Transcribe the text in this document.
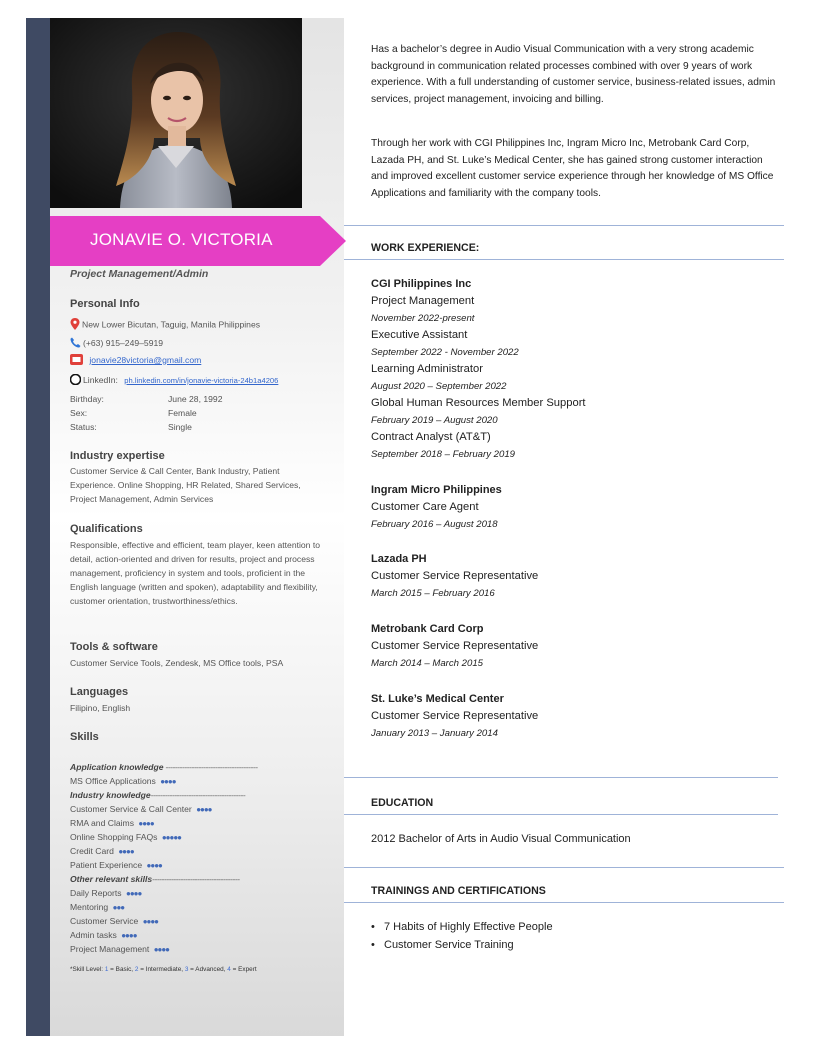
JONAVIE O. VICTORIA
Project Management/Admin
Personal Info
New Lower Bicutan, Taguig, Manila Philippines
(+63) 915–249–5919
jonavie28victoria@gmail.com
LinkedIn: ph.linkedin.com/in/jonavie-victoria-24b1a4206
Birthday:	June 28, 1992
Sex:	Female
Status:	Single
Industry expertise
Customer Service & Call Center, Bank Industry, Patient Experience. Online Shopping, HR Related, Shared Services, Project Management, Admin Services
Qualifications
Responsible, effective and efficient, team player, keen attention to detail, action-oriented and driven for results, project and process management, proficiency in system and tools, proficient in the English language (written and spoken), adaptability and flexibility, customer orientation, trustworthiness/ethics.
Tools & software
Customer Service Tools, Zendesk, MS Office tools, PSA
Languages
Filipino, English
Skills
Application knowledge ---------------------------------------
MS Office Applications ●●●●
Industry knowledge----------------------------------------
Customer Service & Call Center ●●●●
RMA and Claims ●●●●
Online Shopping FAQs ●●●●●
Credit Card ●●●●
Patient Experience ●●●●
Other relevant skills-------------------------------------
Daily Reports ●●●●
Mentoring ●●●
Customer Service ●●●●
Admin tasks ●●●●
Project Management ●●●●
*Skill Level: 1 = Basic, 2 = Intermediate, 3 = Advanced, 4 = Expert
Has a bachelor’s degree in Audio Visual Communication with a very strong academic background in communication related processes combined with over 9 years of work experience. With a full understanding of customer service, business-related issues, admin services, project management, invoicing and billing.
Through her work with CGI Philippines Inc, Ingram Micro Inc, Metrobank Card Corp, Lazada PH, and St. Luke’s Medical Center, she has gained strong customer interaction and improved excellent customer service experience through her knowledge of MS Office Applications and familiarity with the company tools.
WORK EXPERIENCE:
CGI Philippines Inc
Project Management
November 2022-present
Executive Assistant
September 2022 - November 2022
Learning Administrator
August 2020 – September 2022
Global Human Resources Member Support
February 2019 – August 2020
Contract Analyst (AT&T)
September 2018 – February 2019
Ingram Micro Philippines
Customer Care Agent
February 2016 – August 2018
Lazada PH
Customer Service Representative
March 2015 – February 2016
Metrobank Card Corp
Customer Service Representative
March 2014 – March 2015
St. Luke’s Medical Center
Customer Service Representative
January 2013 – January 2014
EDUCATION
2012 Bachelor of Arts in Audio Visual Communication
TRAININGS AND CERTIFICATIONS
• 7 Habits of Highly Effective People
• Customer Service Training
